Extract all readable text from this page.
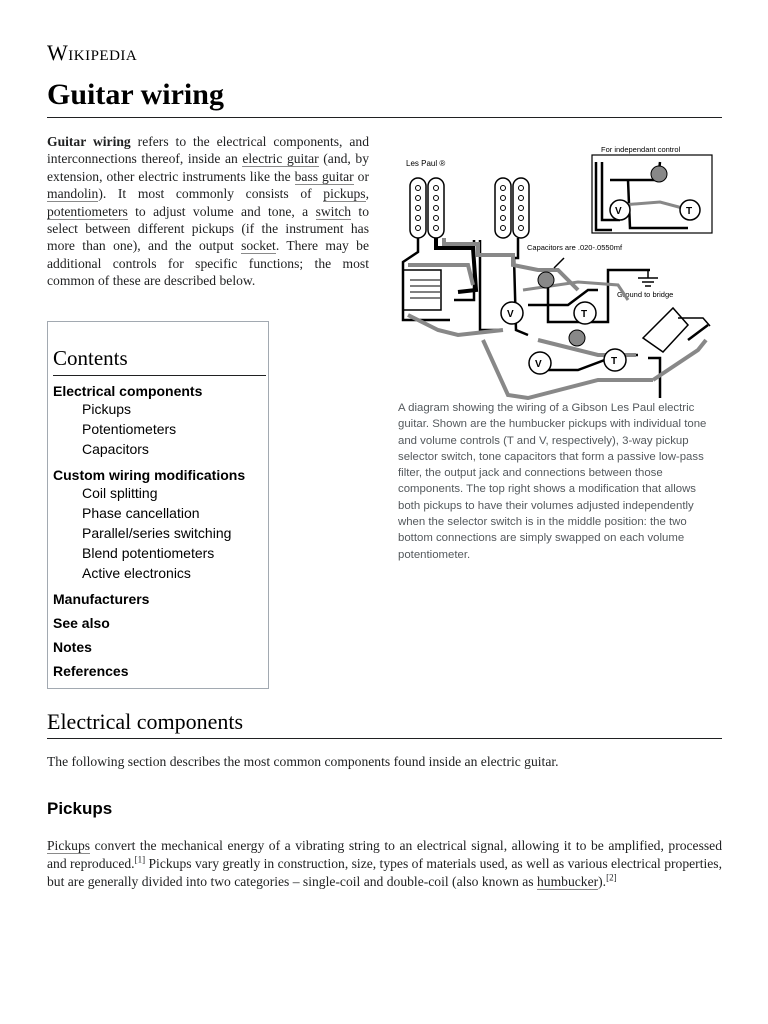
Wikipedia
Guitar wiring

Guitar wiring refers to the electrical components, and interconnections thereof, inside an electric guitar (and, by extension, other electric instruments like the bass guitar or mandolin). It most commonly consists of pickups, potentiometers to adjust volume and tone, a switch to select between different pickups (if the instrument has more than one), and the output socket. There may be additional controls for specific functions; the most common of these are described below.

Contents
Electrical components
Pickups
Potentiometers
Capacitors
Custom wiring modifications
Coil splitting
Phase cancellation
Parallel/series switching
Blend potentiometers
Active electronics
Manufacturers
See also
Notes
References
Les Paul ®
For independant control
Capacitors are .020-.0550mf
Ground to bridge
V	T
V	T
V	T

A diagram showing the wiring of a Gibson Les Paul electric guitar. Shown are the humbucker pickups with individual tone and volume controls (T and V, respectively), 3-way pickup selector switch, tone capacitors that form a passive low-pass filter, the output jack and connections between those components. The top right shows a modification that allows both pickups to have their volumes adjusted independently when the selector switch is in the middle position: the two bottom connections are simply swapped on each volume potentiometer.

Electrical components

The following section describes the most common components found inside an electric guitar.

Pickups

Pickups convert the mechanical energy of a vibrating string to an electrical signal, allowing it to be amplified, processed and reproduced.[1] Pickups vary greatly in construction, size, types of materials used, as well as various electrical properties, but are generally divided into two categories – single-coil and double-coil (also known as humbucker).[2]
